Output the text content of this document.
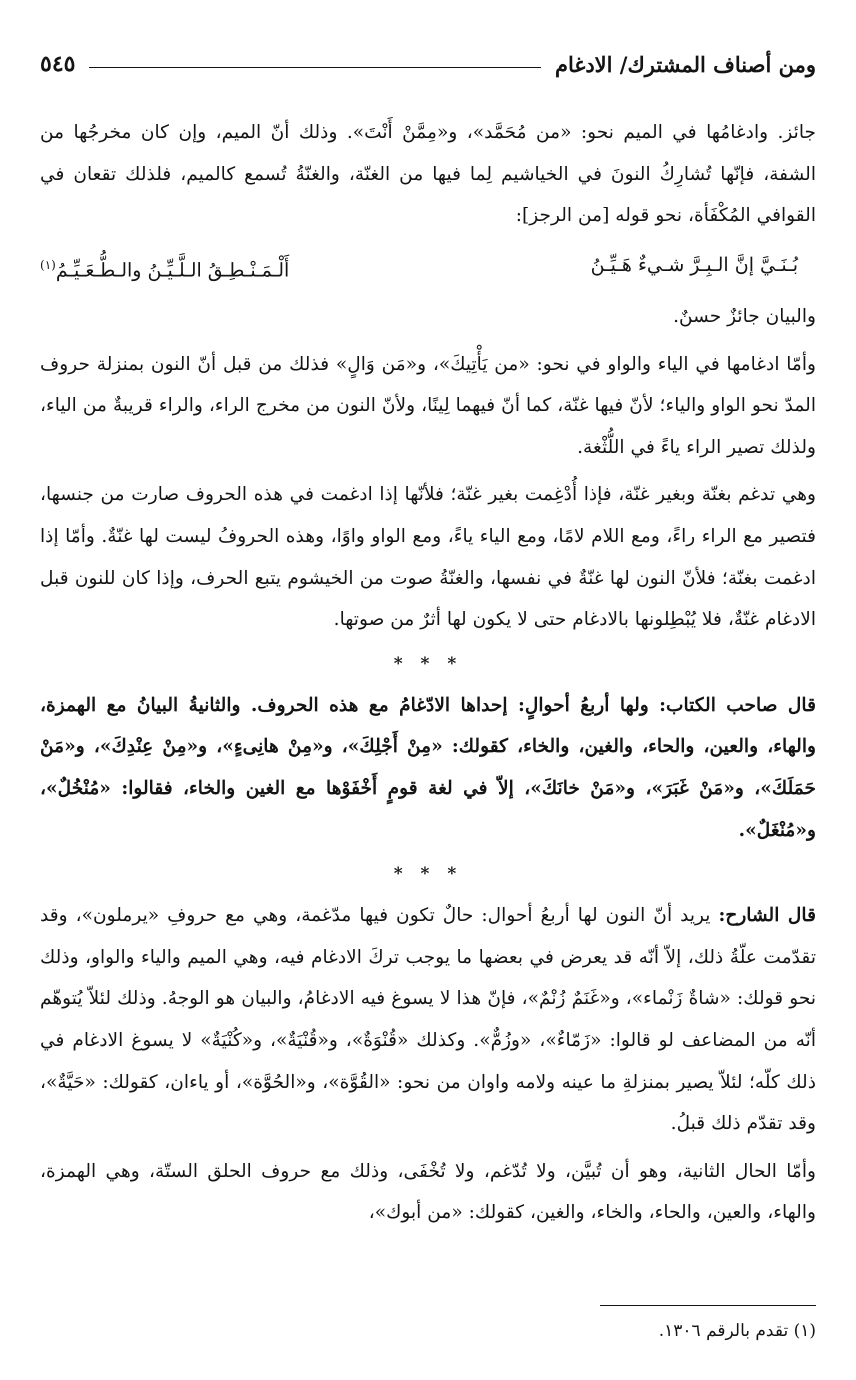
ومن أصناف المشترك/ الادغام
٥٤٥

جائز. وادغامُها في الميم نحو: «من مُحَمَّد»، و«مِمَّنْ أَنْتَ». وذلك أنّ الميم، وإن كان مخرجُها من الشفة، فإنّها تُشارِكُ النونَ في الخياشيم لِما فيها من الغنّة، والغنّةُ تُسمع كالميم، فلذلك تقعان في القوافي المُكْفَأة، نحو قوله [من الرجز]:

بُـنَـيَّ إنَّ الـبِـرَّ شـيءٌ هَـيِّـنُ
أَلْـمَـنْـطِـقُ الـلَّـيِّـنُ والـطُّـعَـيِّـمُ$^{(١)}$

والبيان جائزٌ حسنٌ.

وأمّا ادغامها في الياء والواو في نحو: «من يَأْتِيكَ»، و«مَن وَالٍ» فذلك من قبل أنّ النون بمنزلة حروف المدّ نحو الواو والياء؛ لأنّ فيها غنّة، كما أنّ فيهما لِينًا، ولأنّ النون من مخرج الراء، والراء قريبةٌ من الياء، ولذلك تصير الراء ياءً في اللُّثْغة.

وهي تدغم بغنّة وبغير غنّة، فإذا أُدْغِمت بغير غنّة؛ فلأنّها إذا ادغمت في هذه الحروف صارت من جنسها، فتصير مع الراء راءً، ومع اللام لامًا، ومع الياء ياءً، ومع الواو واوًا، وهذه الحروفُ ليست لها غنّةٌ. وأمّا إذا ادغمت بغنّة؛ فلأنّ النون لها غنّةٌ في نفسها، والغنّةُ صوت من الخيشوم يتبع الحرف، وإذا كان للنون قبل الادغام غنّةٌ، فلا يُبْطِلونها بالادغام حتى لا يكون لها أثرٌ من صوتها.

* * *

قال صاحب الكتاب: ولها أربعُ أحوالٍ: إحداها الادّغامُ مع هذه الحروف. والثانيةُ البيانُ مع الهمزة، والهاء، والعين، والحاء، والغين، والخاء، كقولك: «مِنْ أَجْلِكَ»، و«مِنْ هانِىءٍ»، و«مِنْ عِنْدِكَ»، و«مَنْ حَمَلَكَ»، و«مَنْ غَبَرَ»، و«مَنْ خانَكَ»، إلاّ في لغة قومٍ أَخْفَوْها مع الغين والخاء، فقالوا: «مُنْخُلٌ»، و«مُنْغَلٌ».

* * *

قال الشارح: يريد أنّ النون لها أربعُ أحوال: حالٌ تكون فيها مدّغمة، وهي مع حروفِ «يرملون»، وقد تقدّمت علّةُ ذلك، إلاّ أنّه قد يعرض في بعضها ما يوجب تركَ الادغام فيه، وهي الميم والياء والواو، وذلك نحو قولك: «شاةٌ زَنْماء»، و«غَنَمٌ زُنْمٌ»، فإنّ هذا لا يسوغ فيه الادغامُ، والبيان هو الوجهُ. وذلك لئلاّ يُتوهّم أنّه من المضاعف لو قالوا: «زَمّاءٌ»، «وزُمٌّ». وكذلك «قُنْوَةٌ»، و«قُنْيَةٌ»، و«كُنْيَةٌ» لا يسوغ الادغام في ذلك كلّه؛ لئلاّ يصير بمنزلةِ ما عينه ولامه واوان من نحو: «القُوَّة»، و«الحُوَّة»، أو ياءان، كقولك: «حَيَّةٌ»، وقد تقدّم ذلك قبلُ.

وأمّا الحال الثانية، وهو أن تُبيَّن، ولا تُدّغم، ولا تُخْفَى، وذلك مع حروف الحلق الستّة، وهي الهمزة، والهاء، والعين، والحاء، والخاء، والغين، كقولك: «من أبوك»،

(١) تقدم بالرقم ١٣٠٦.
